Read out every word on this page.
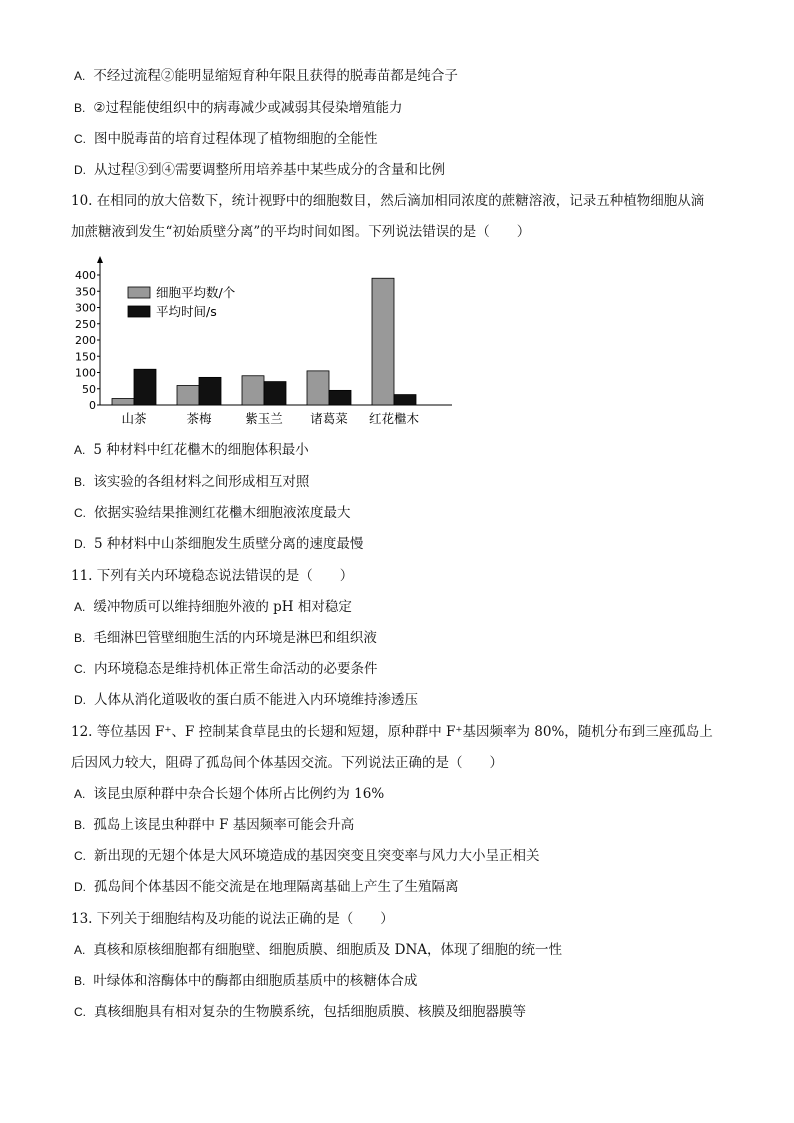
A. 不经过流程②能明显缩短育种年限且获得的脱毒苗都是纯合子
B. ②过程能使组织中的病毒减少或减弱其侵染增殖能力
C. 图中脱毒苗的培育过程体现了植物细胞的全能性
D. 从过程③到④需要调整所用培养基中某些成分的含量和比例
10. 在相同的放大倍数下，统计视野中的细胞数目，然后滴加相同浓度的蔗糖溶液，记录五种植物细胞从滴
加蔗糖液到发生“初始质壁分离”的平均时间如图。下列说法错误的是（　　）
A. 5 种材料中红花檵木的细胞体积最小
B. 该实验的各组材料之间形成相互对照
C. 依据实验结果推测红花檵木细胞液浓度最大
D. 5 种材料中山茶细胞发生质壁分离的速度最慢
11. 下列有关内环境稳态说法错误的是（　　）
A. 缓冲物质可以维持细胞外液的 pH 相对稳定
B. 毛细淋巴管壁细胞生活的内环境是淋巴和组织液
C. 内环境稳态是维持机体正常生命活动的必要条件
D. 人体从消化道吸收的蛋白质不能进入内环境维持渗透压
12. 等位基因 F⁺、F 控制某食草昆虫的长翅和短翅，原种群中 F⁺基因频率为 80%，随机分布到三座孤岛上
后因风力较大，阻碍了孤岛间个体基因交流。下列说法正确的是（　　）
A. 该昆虫原种群中杂合长翅个体所占比例约为 16%
B. 孤岛上该昆虫种群中 F 基因频率可能会升高
C. 新出现的无翅个体是大风环境造成的基因突变且突变率与风力大小呈正相关
D. 孤岛间个体基因不能交流是在地理隔离基础上产生了生殖隔离
13. 下列关于细胞结构及功能的说法正确的是（　　）
A. 真核和原核细胞都有细胞壁、细胞质膜、细胞质及 DNA，体现了细胞的统一性
B. 叶绿体和溶酶体中的酶都由细胞质基质中的核糖体合成
C. 真核细胞具有相对复杂的生物膜系统，包括细胞质膜、核膜及细胞器膜等
0
50
100
150
200
250
300
350
400
山茶	茶梅	紫玉兰 诸葛菜 红花檵木
细胞平均数/个
平均时间/s
